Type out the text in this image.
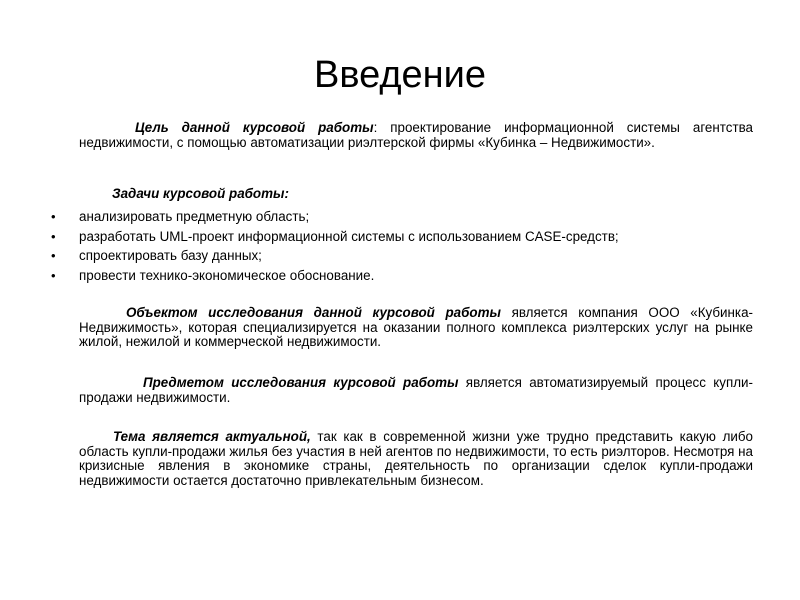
Введение
Цель данной курсовой работы: проектирование информационной системы агентства недвижимости, с помощью автоматизации риэлтерской фирмы «Кубинка – Недвижимости».
Задачи курсовой работы:
• анализировать предметную область;
• разработать UML-проект информационной системы с использованием CASE-средств;
• спроектировать базу данных;
• провести технико-экономическое обоснование.
Объектом исследования данной курсовой работы является компания ООО «Кубинка- Недвижимость», которая специализируется на оказании полного комплекса риэлтерских услуг на рынке жилой, нежилой и коммерческой недвижимости.
Предметом исследования курсовой работы является автоматизируемый процесс купли-продажи недвижимости.
Тема является актуальной, так как в современной жизни уже трудно представить какую либо область купли-продажи жилья без участия в ней агентов по недвижимости, то есть риэлторов. Несмотря на кризисные явления в экономике страны, деятельность по организации сделок купли-продажи недвижимости остается достаточно привлекательным бизнесом.
